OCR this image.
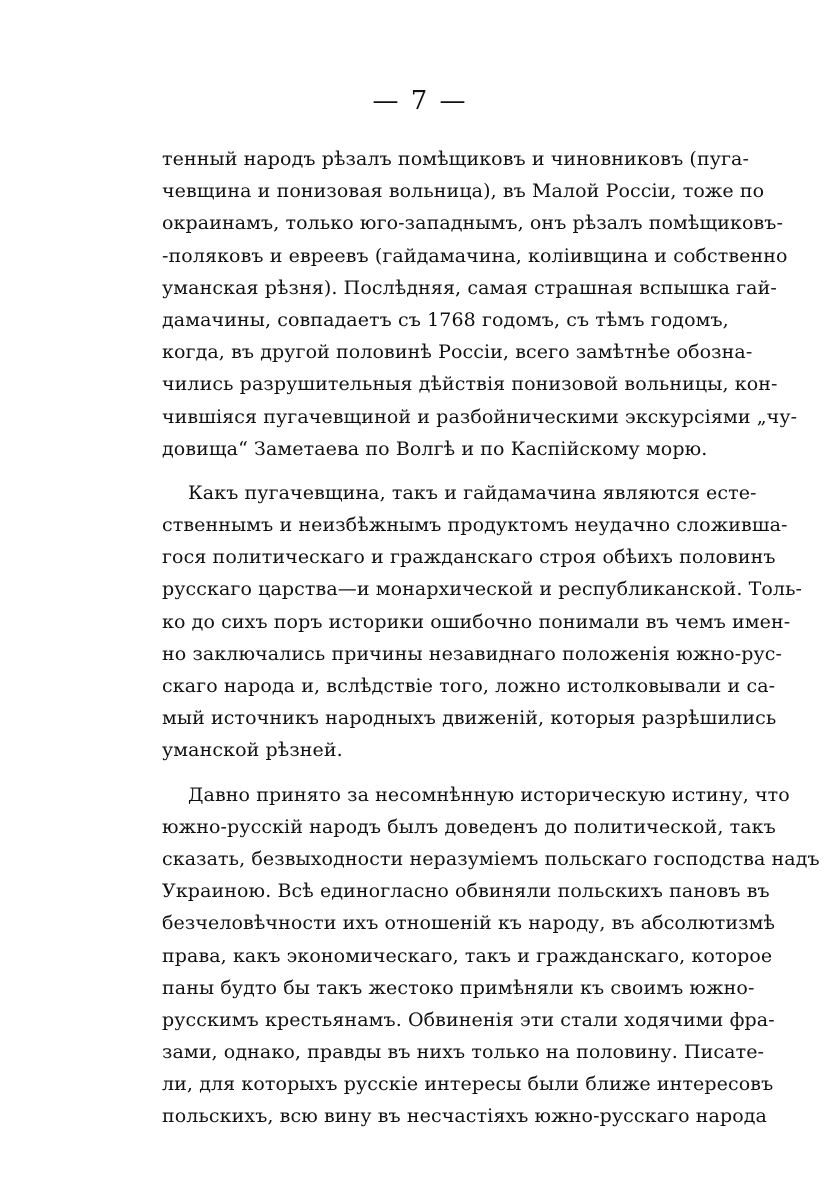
— 7 —
тенный народъ рѣзалъ помѣщиковъ и чиновниковъ (пуга-
чевщина и понизовая вольница), въ Малой Россіи, тоже по
окраинамъ, только юго-западнымъ, онъ рѣзалъ помѣщиковъ-
-поляковъ и евреевъ (гайдамачина, коліивщина и собственно
уманская рѣзня). Послѣдняя, самая страшная вспышка гай-
дамачины, совпадаетъ съ 1768 годомъ, съ тѣмъ годомъ,
когда, въ другой половинѣ Россіи, всего замѣтнѣе обозна-
чились разрушительныя дѣйствія понизовой вольницы, кон-
чившіяся пугачевщиной и разбойническими экскурсіями „чу-
довища“ Заметаева по Волгѣ и по Каспійскому морю.
Какъ пугачевщина, такъ и гайдамачина являются есте-
ственнымъ и неизбѣжнымъ продуктомъ неудачно сложивша-
гося политическаго и гражданскаго строя обѣихъ половинъ
русскаго царства—и монархической и республиканской. Толь-
ко до сихъ поръ историки ошибочно понимали въ чемъ имен-
но заключались причины незавиднаго положенія южно-рус-
скаго народа и, вслѣдствіе того, ложно истолковывали и са-
мый источникъ народныхъ движеній, которыя разрѣшились
уманской рѣзней.
Давно принято за несомнѣнную историческую истину, что
южно-русскій народъ былъ доведенъ до политической, такъ
сказать, безвыходности неразуміемъ польскаго господства надъ
Украиною. Всѣ единогласно обвиняли польскихъ пановъ въ
безчеловѣчности ихъ отношеній къ народу, въ абсолютизмѣ
права, какъ экономическаго, такъ и гражданскаго, которое
паны будто бы такъ жестоко примѣняли къ своимъ южно-
русскимъ крестьянамъ. Обвиненія эти стали ходячими фра-
зами, однако, правды въ нихъ только на половину. Писате-
ли, для которыхъ русскіе интересы были ближе интересовъ
польскихъ, всю вину въ несчастіяхъ южно-русскаго народа
